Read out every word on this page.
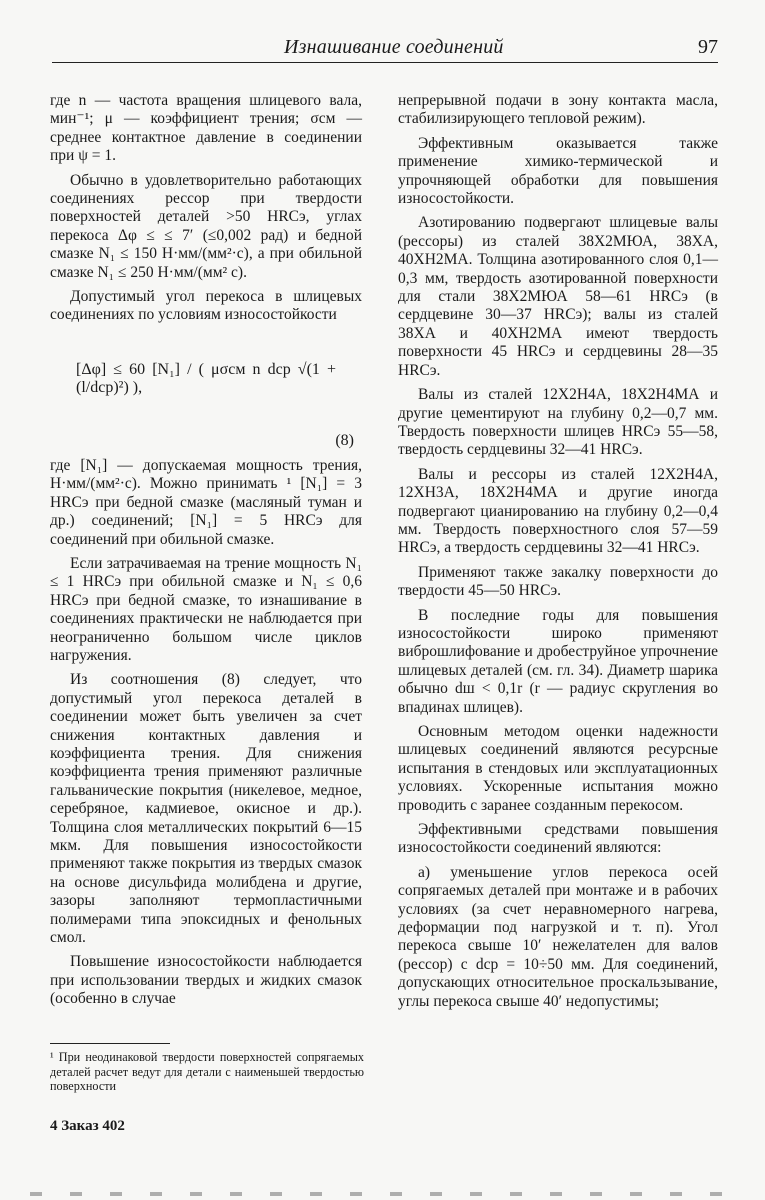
Изнашивание соединений	97

где n — частота вращения шлицевого вала, мин⁻¹; μ — коэффициент трения; σсм — среднее контактное давление в соединении при ψ = 1.

Обычно в удовлетворительно работающих соединениях рессор при твердости поверхностей деталей >50 HRCэ, углах перекоса Δφ ≤ ≤ 7′ (≤0,002 рад) и бедной смазке N₁ ≤ 150 Н·мм/(мм²·с), а при обильной смазке N₁ ≤ 250 Н·мм/(мм² с).

Допустимый угол перекоса в шлицевых соединениях по условиям износостойкости

[Δφ] ≤ 60 [N₁] / ( μσсм n dср √(1 + (l/dср)²) ),
(8)

где [N₁] — допускаемая мощность трения, Н·мм/(мм²·с). Можно принимать ¹ [N₁] = 3 HRCэ при бедной смазке (масляный туман и др.) соединений; [N₁] = 5 HRCэ для соединений при обильной смазке.

Если затрачиваемая на трение мощность N₁ ≤ 1 HRCэ при обильной смазке и N₁ ≤ 0,6 HRCэ при бедной смазке, то изнашивание в соединениях практически не наблюдается при неограниченно большом числе циклов нагружения.

Из соотношения (8) следует, что допустимый угол перекоса деталей в соединении может быть увеличен за счет снижения контактных давления и коэффициента трения. Для снижения коэффициента трения применяют различные гальванические покрытия (никелевое, медное, серебряное, кадмиевое, окисное и др.). Толщина слоя металлических покрытий 6—15 мкм. Для повышения износостойкости применяют также покрытия из твердых смазок на основе дисульфида молибдена и другие, зазоры заполняют термопластичными полимерами типа эпоксидных и фенольных смол.

Повышение износостойкости наблюдается при использовании твердых и жидких смазок (особенно в случае

непрерывной подачи в зону контакта масла, стабилизирующего тепловой режим).

Эффективным оказывается также применение химико-термической и упрочняющей обработки для повышения износостойкости.

Азотированию подвергают шлицевые валы (рессоры) из сталей 38Х2МЮА, 38ХА, 40ХН2МА. Толщина азотированного слоя 0,1—0,3 мм, твердость азотированной поверхности для стали 38Х2МЮА 58—61 HRCэ (в сердцевине 30—37 HRCэ); валы из сталей 38ХА и 40ХН2МА имеют твердость поверхности 45 HRCэ и сердцевины 28—35 HRCэ.

Валы из сталей 12Х2Н4А, 18Х2Н4МА и другие цементируют на глубину 0,2—0,7 мм. Твердость поверхности шлицев HRCэ 55—58, твердость сердцевины 32—41 HRCэ.

Валы и рессоры из сталей 12Х2Н4А, 12ХН3А, 18Х2Н4МА и другие иногда подвергают цианированию на глубину 0,2—0,4 мм. Твердость поверхностного слоя 57—59 HRCэ, а твердость сердцевины 32—41 HRCэ.

Применяют также закалку поверхности до твердости 45—50 HRCэ.

В последние годы для повышения износостойкости широко применяют виброшлифование и дробеструйное упрочнение шлицевых деталей (см. гл. 34). Диаметр шарика обычно dш < 0,1r (r — радиус скругления во впадинах шлицев).

Основным методом оценки надежности шлицевых соединений являются ресурсные испытания в стендовых или эксплуатационных условиях. Ускоренные испытания можно проводить с заранее созданным перекосом.

Эффективными средствами повышения износостойкости соединений являются:

а) уменьшение углов перекоса осей сопрягаемых деталей при монтаже и в рабочих условиях (за счет неравномерного нагрева, деформации под нагрузкой и т. п). Угол перекоса свыше 10′ нежелателен для валов (рессор) с dср = 10÷50 мм. Для соединений, допускающих относительное проскальзывание, углы перекоса свыше 40′ недопустимы;

¹ При неодинаковой твердости поверхностей сопрягаемых деталей расчет ведут для детали с наименьшей твердостью поверхности
4 Заказ 402
